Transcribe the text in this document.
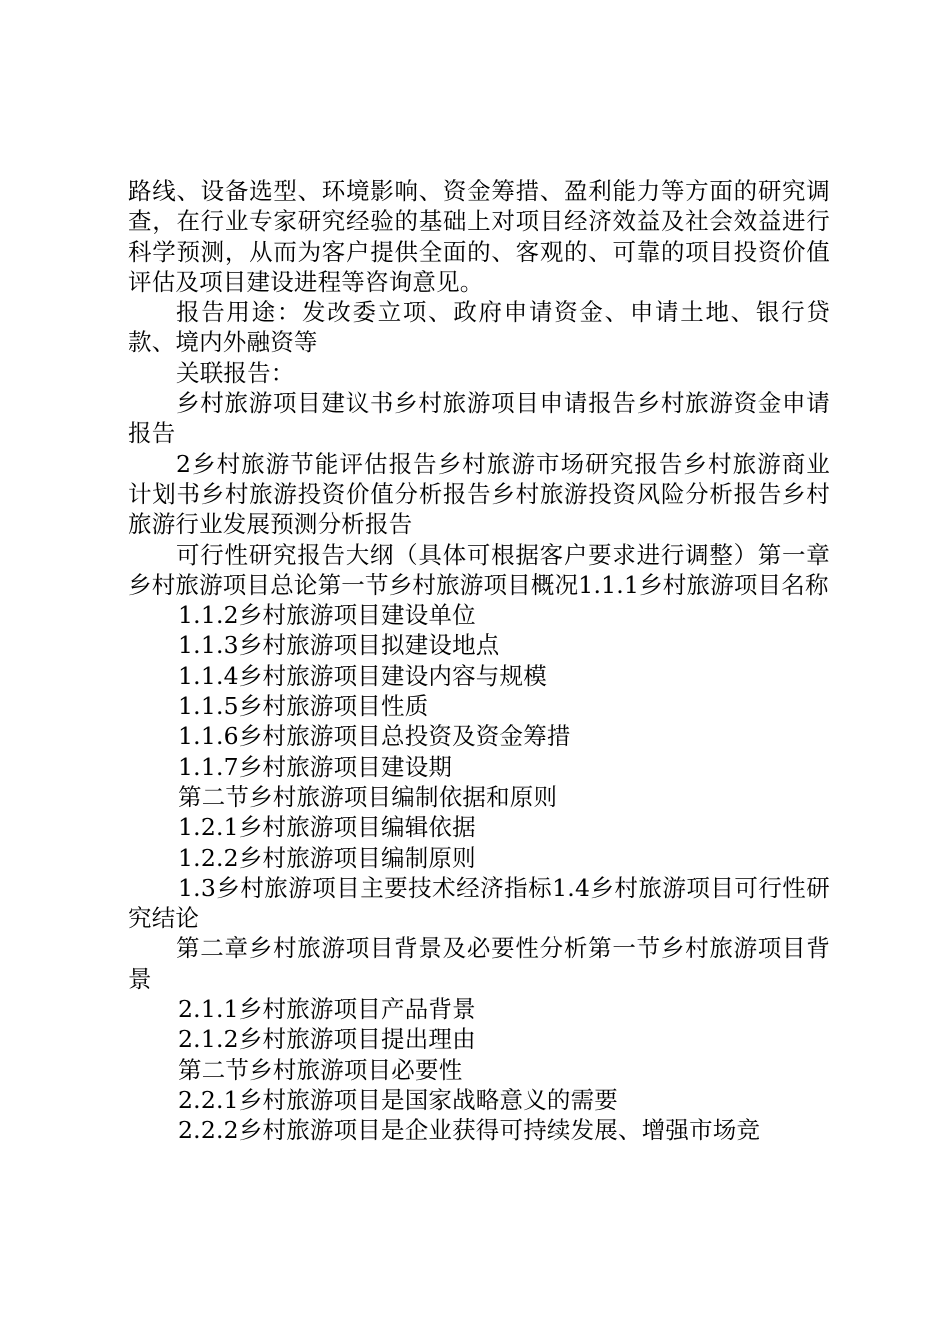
路线、设备选型、环境影响、资金筹措、盈利能力等方面的研究调查，在行业专家研究经验的基础上对项目经济效益及社会效益进行科学预测，从而为客户提供全面的、客观的、可靠的项目投资价值评估及项目建设进程等咨询意见。

报告用途：发改委立项、政府申请资金、申请土地、银行贷款、境内外融资等

关联报告：

乡村旅游项目建议书乡村旅游项目申请报告乡村旅游资金申请报告

2乡村旅游节能评估报告乡村旅游市场研究报告乡村旅游商业计划书乡村旅游投资价值分析报告乡村旅游投资风险分析报告乡村旅游行业发展预测分析报告

可行性研究报告大纲（具体可根据客户要求进行调整）第一章乡村旅游项目总论第一节乡村旅游项目概况1.1.1乡村旅游项目名称

1.1.2乡村旅游项目建设单位

1.1.3乡村旅游项目拟建设地点

1.1.4乡村旅游项目建设内容与规模

1.1.5乡村旅游项目性质

1.1.6乡村旅游项目总投资及资金筹措

1.1.7乡村旅游项目建设期

第二节乡村旅游项目编制依据和原则

1.2.1乡村旅游项目编辑依据

1.2.2乡村旅游项目编制原则

1.3乡村旅游项目主要技术经济指标1.4乡村旅游项目可行性研究结论

第二章乡村旅游项目背景及必要性分析第一节乡村旅游项目背景

2.1.1乡村旅游项目产品背景

2.1.2乡村旅游项目提出理由

第二节乡村旅游项目必要性

2.2.1乡村旅游项目是国家战略意义的需要

2.2.2乡村旅游项目是企业获得可持续发展、增强市场竞
